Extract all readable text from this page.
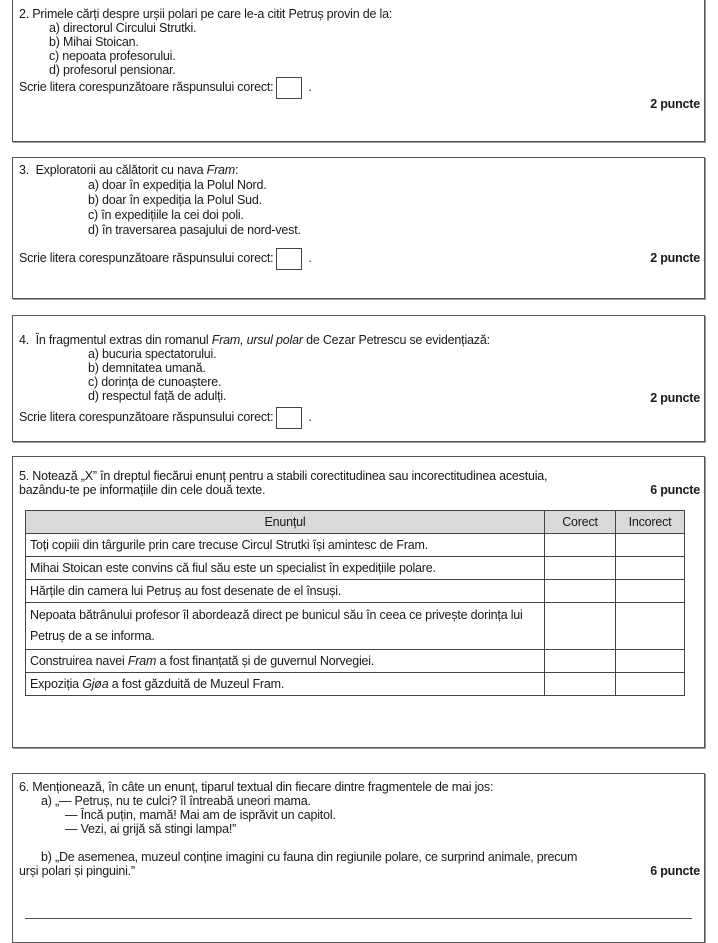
2. Primele cărți despre urșii polari pe care le-a citit Petruș provin de la:
a) directorul Circului Strutki.
b) Mihai Stoican.
c) nepoata profesorului.
d) profesorul pensionar.
Scrie litera corespunzătoare răspunsului corect:	.
2 puncte
3. Exploratorii au călătorit cu nava Fram:
a) doar în expediția la Polul Nord.
b) doar în expediția la Polul Sud.
c) în expedițiile la cei doi poli.
d) în traversarea pasajului de nord-vest.
Scrie litera corespunzătoare răspunsului corect:	.	2 puncte
4. În fragmentul extras din romanul Fram, ursul polar de Cezar Petrescu se evidențiază:
a) bucuria spectatorului.
b) demnitatea umană.
c) dorința de cunoaștere.
d) respectul față de adulți.
Scrie litera corespunzătoare răspunsului corect:	.
2 puncte
5. Notează „X” în dreptul fiecărui enunț pentru a stabili corectitudinea sau incorectitudinea acestuia,
bazându-te pe informațiile din cele două texte.	6 puncte
Enunțul	Corect	Incorect
Toți copiii din târgurile prin care trecuse Circul Strutki își amintesc de Fram.		
Mihai Stoican este convins că fiul său este un specialist în expedițiile polare.		
Hărțile din camera lui Petruș au fost desenate de el însuși.		
Nepoata bătrânului profesor îl abordează direct pe bunicul său în ceea ce privește dorința lui Petruș de a se informa.		
Construirea navei Fram a fost finanțată și de guvernul Norvegiei.		
Expoziția Gjøa a fost găzduită de Muzeul Fram.		
6. Menționează, în câte un enunț, tiparul textual din fiecare dintre fragmentele de mai jos:
a) „— Petruș, nu te culci? îl întreabă uneori mama.
— Încă puțin, mamă! Mai am de isprăvit un capitol.
— Vezi, ai grijă să stingi lampa!”
b) „De asemenea, muzeul conține imagini cu fauna din regiunile polare, ce surprind animale, precum
urși polari și pinguini.”	6 puncte
